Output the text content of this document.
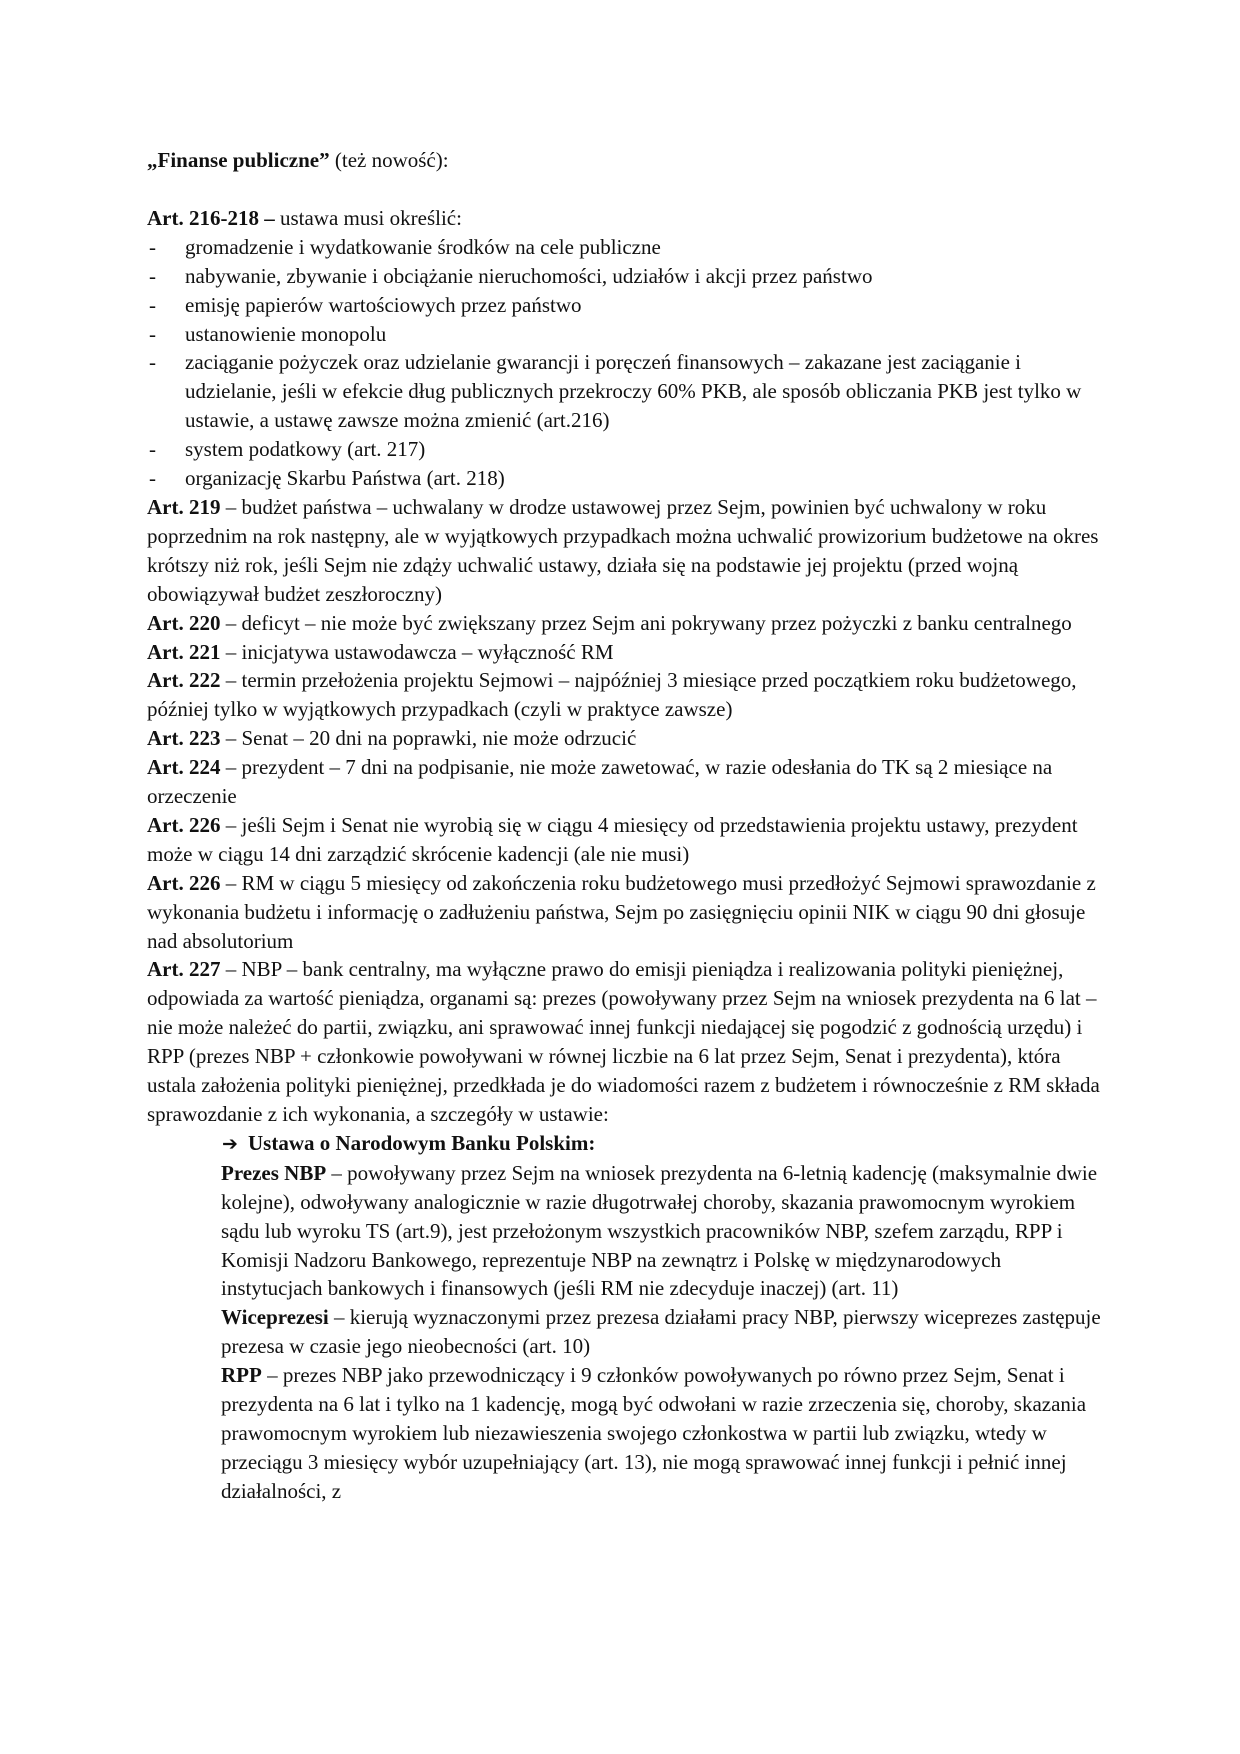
„Finanse publiczne” (też nowość):

Art. 216-218 – ustawa musi określić:

- gromadzenie i wydatkowanie środków na cele publiczne
- nabywanie, zbywanie i obciążanie nieruchomości, udziałów i akcji przez państwo
- emisję papierów wartościowych przez państwo
- ustanowienie monopolu
- zaciąganie pożyczek oraz udzielanie gwarancji i poręczeń finansowych – zakazane jest zaciąganie i udzielanie, jeśli w efekcie dług publicznych przekroczy 60% PKB, ale sposób obliczania PKB jest tylko w ustawie, a ustawę zawsze można zmienić (art.216)
- system podatkowy (art. 217)
- organizację Skarbu Państwa (art. 218)

Art. 219 – budżet państwa – uchwalany w drodze ustawowej przez Sejm, powinien być uchwalony w roku poprzednim na rok następny, ale w wyjątkowych przypadkach można uchwalić prowizorium budżetowe na okres krótszy niż rok, jeśli Sejm nie zdąży uchwalić ustawy, działa się na podstawie jej projektu (przed wojną obowiązywał budżet zeszłoroczny)

Art. 220 – deficyt – nie może być zwiększany przez Sejm ani pokrywany przez pożyczki z banku centralnego

Art. 221 – inicjatywa ustawodawcza – wyłączność RM

Art. 222 – termin przełożenia projektu Sejmowi – najpóźniej 3 miesiące przed początkiem roku budżetowego, później tylko w wyjątkowych przypadkach (czyli w praktyce zawsze)

Art. 223 – Senat – 20 dni na poprawki, nie może odrzucić

Art. 224 – prezydent – 7 dni na podpisanie, nie może zawetować, w razie odesłania do TK są 2 miesiące na orzeczenie

Art. 226 – jeśli Sejm i Senat nie wyrobią się w ciągu 4 miesięcy od przedstawienia projektu ustawy, prezydent może w ciągu 14 dni zarządzić skrócenie kadencji (ale nie musi)

Art. 226 – RM w ciągu 5 miesięcy od zakończenia roku budżetowego musi przedłożyć Sejmowi sprawozdanie z wykonania budżetu i informację o zadłużeniu państwa, Sejm po zasięgnięciu opinii NIK w ciągu 90 dni głosuje nad absolutorium

Art. 227 – NBP – bank centralny, ma wyłączne prawo do emisji pieniądza i realizowania polityki pieniężnej, odpowiada za wartość pieniądza, organami są: prezes (powoływany przez Sejm na wniosek prezydenta na 6 lat – nie może należeć do partii, związku, ani sprawować innej funkcji niedającej się pogodzić z godnością urzędu) i RPP (prezes NBP + członkowie powoływani w równej liczbie na 6 lat przez Sejm, Senat i prezydenta), która ustala założenia polityki pieniężnej, przedkłada je do wiadomości razem z budżetem i równocześnie z RM składa sprawozdanie z ich wykonania, a szczegóły w ustawie:

➔ Ustawa o Narodowym Banku Polskim:

Prezes NBP – powoływany przez Sejm na wniosek prezydenta na 6-letnią kadencję (maksymalnie dwie kolejne), odwoływany analogicznie w razie długotrwałej choroby, skazania prawomocnym wyrokiem sądu lub wyroku TS (art.9), jest przełożonym wszystkich pracowników NBP, szefem zarządu, RPP i Komisji Nadzoru Bankowego, reprezentuje NBP na zewnątrz i Polskę w międzynarodowych instytucjach bankowych i finansowych (jeśli RM nie zdecyduje inaczej) (art. 11)

Wiceprezesi – kierują wyznaczonymi przez prezesa działami pracy NBP, pierwszy wiceprezes zastępuje prezesa w czasie jego nieobecności (art. 10)

RPP – prezes NBP jako przewodniczący i 9 członków powoływanych po równo przez Sejm, Senat i prezydenta na 6 lat i tylko na 1 kadencję, mogą być odwołani w razie zrzeczenia się, choroby, skazania prawomocnym wyrokiem lub niezawieszenia swojego członkostwa w partii lub związku, wtedy w przeciągu 3 miesięcy wybór uzupełniający (art. 13), nie mogą sprawować innej funkcji i pełnić innej działalności, z
